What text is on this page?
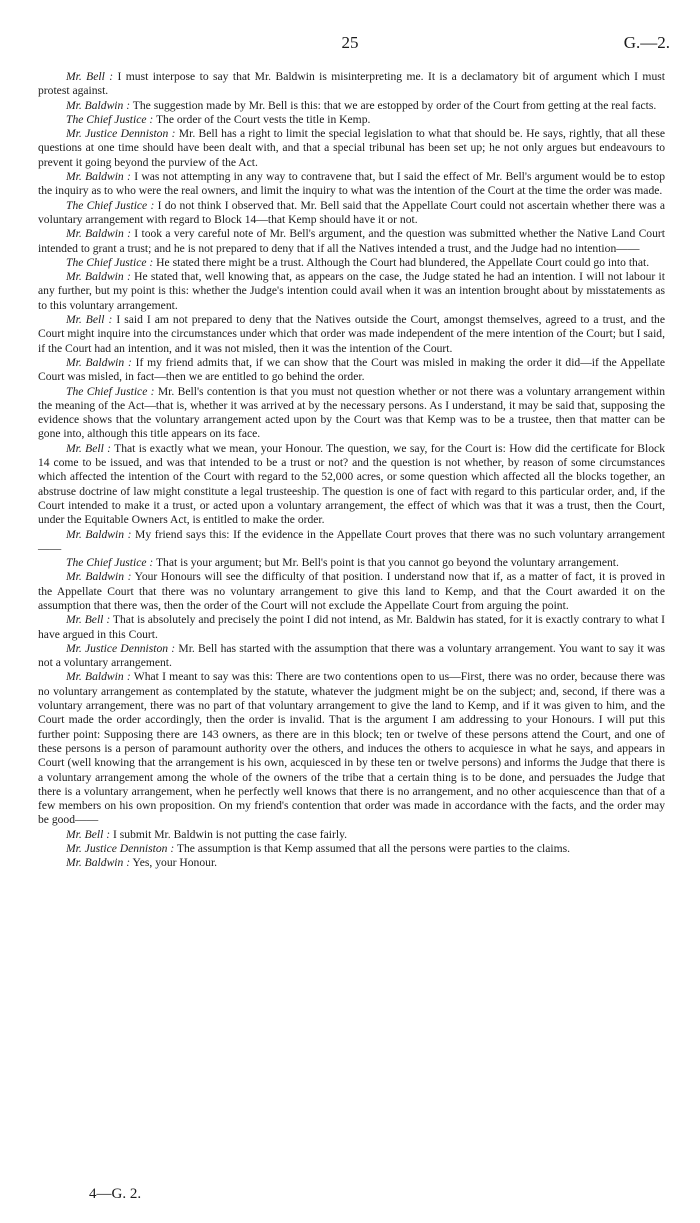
25	G.—2.

Mr. Bell : I must interpose to say that Mr. Baldwin is misinterpreting me. It is a declamatory bit of argument which I must protest against.

Mr. Baldwin : The suggestion made by Mr. Bell is this: that we are estopped by order of the Court from getting at the real facts.

The Chief Justice : The order of the Court vests the title in Kemp.

Mr. Justice Denniston : Mr. Bell has a right to limit the special legislation to what that should be. He says, rightly, that all these questions at one time should have been dealt with, and that a special tribunal has been set up; he not only argues but endeavours to prevent it going beyond the purview of the Act.

Mr. Baldwin : I was not attempting in any way to contravene that, but I said the effect of Mr. Bell's argument would be to estop the inquiry as to who were the real owners, and limit the inquiry to what was the intention of the Court at the time the order was made.

The Chief Justice : I do not think I observed that. Mr. Bell said that the Appellate Court could not ascertain whether there was a voluntary arrangement with regard to Block 14—that Kemp should have it or not.

Mr. Baldwin : I took a very careful note of Mr. Bell's argument, and the question was submitted whether the Native Land Court intended to grant a trust; and he is not prepared to deny that if all the Natives intended a trust, and the Judge had no intention——

The Chief Justice : He stated there might be a trust. Although the Court had blundered, the Appellate Court could go into that.

Mr. Baldwin : He stated that, well knowing that, as appears on the case, the Judge stated he had an intention. I will not labour it any further, but my point is this: whether the Judge's intention could avail when it was an intention brought about by misstatements as to this voluntary arrangement.

Mr. Bell : I said I am not prepared to deny that the Natives outside the Court, amongst themselves, agreed to a trust, and the Court might inquire into the circumstances under which that order was made independent of the mere intention of the Court; but I said, if the Court had an intention, and it was not misled, then it was the intention of the Court.

Mr. Baldwin : If my friend admits that, if we can show that the Court was misled in making the order it did—if the Appellate Court was misled, in fact—then we are entitled to go behind the order.

The Chief Justice : Mr. Bell's contention is that you must not question whether or not there was a voluntary arrangement within the meaning of the Act—that is, whether it was arrived at by the necessary persons. As I understand, it may be said that, supposing the evidence shows that the voluntary arrangement acted upon by the Court was that Kemp was to be a trustee, then that matter can be gone into, although this title appears on its face.

Mr. Bell : That is exactly what we mean, your Honour. The question, we say, for the Court is: How did the certificate for Block 14 come to be issued, and was that intended to be a trust or not? and the question is not whether, by reason of some circumstances which affected the intention of the Court with regard to the 52,000 acres, or some question which affected all the blocks together, an abstruse doctrine of law might constitute a legal trusteeship. The question is one of fact with regard to this particular order, and, if the Court intended to make it a trust, or acted upon a voluntary arrangement, the effect of which was that it was a trust, then the Court, under the Equitable Owners Act, is entitled to make the order.

Mr. Baldwin : My friend says this: If the evidence in the Appellate Court proves that there was no such voluntary arrangement——

The Chief Justice : That is your argument; but Mr. Bell's point is that you cannot go beyond the voluntary arrangement.

Mr. Baldwin : Your Honours will see the difficulty of that position. I understand now that if, as a matter of fact, it is proved in the Appellate Court that there was no voluntary arrangement to give this land to Kemp, and that the Court awarded it on the assumption that there was, then the order of the Court will not exclude the Appellate Court from arguing the point.

Mr. Bell : That is absolutely and precisely the point I did not intend, as Mr. Baldwin has stated, for it is exactly contrary to what I have argued in this Court.

Mr. Justice Denniston : Mr. Bell has started with the assumption that there was a voluntary arrangement. You want to say it was not a voluntary arrangement.

Mr. Baldwin : What I meant to say was this: There are two contentions open to us—First, there was no order, because there was no voluntary arrangement as contemplated by the statute, whatever the judgment might be on the subject; and, second, if there was a voluntary arrangement, there was no part of that voluntary arrangement to give the land to Kemp, and if it was given to him, and the Court made the order accordingly, then the order is invalid. That is the argument I am addressing to your Honours. I will put this further point: Supposing there are 143 owners, as there are in this block; ten or twelve of these persons attend the Court, and one of these persons is a person of paramount authority over the others, and induces the others to acquiesce in what he says, and appears in Court (well knowing that the arrangement is his own, acquiesced in by these ten or twelve persons) and informs the Judge that there is a voluntary arrangement among the whole of the owners of the tribe that a certain thing is to be done, and persuades the Judge that there is a voluntary arrangement, when he perfectly well knows that there is no arrangement, and no other acquiescence than that of a few members on his own proposition. On my friend's contention that order was made in accordance with the facts, and the order may be good——

Mr. Bell : I submit Mr. Baldwin is not putting the case fairly.

Mr. Justice Denniston : The assumption is that Kemp assumed that all the persons were parties to the claims.

Mr. Baldwin : Yes, your Honour.

4—G. 2.
